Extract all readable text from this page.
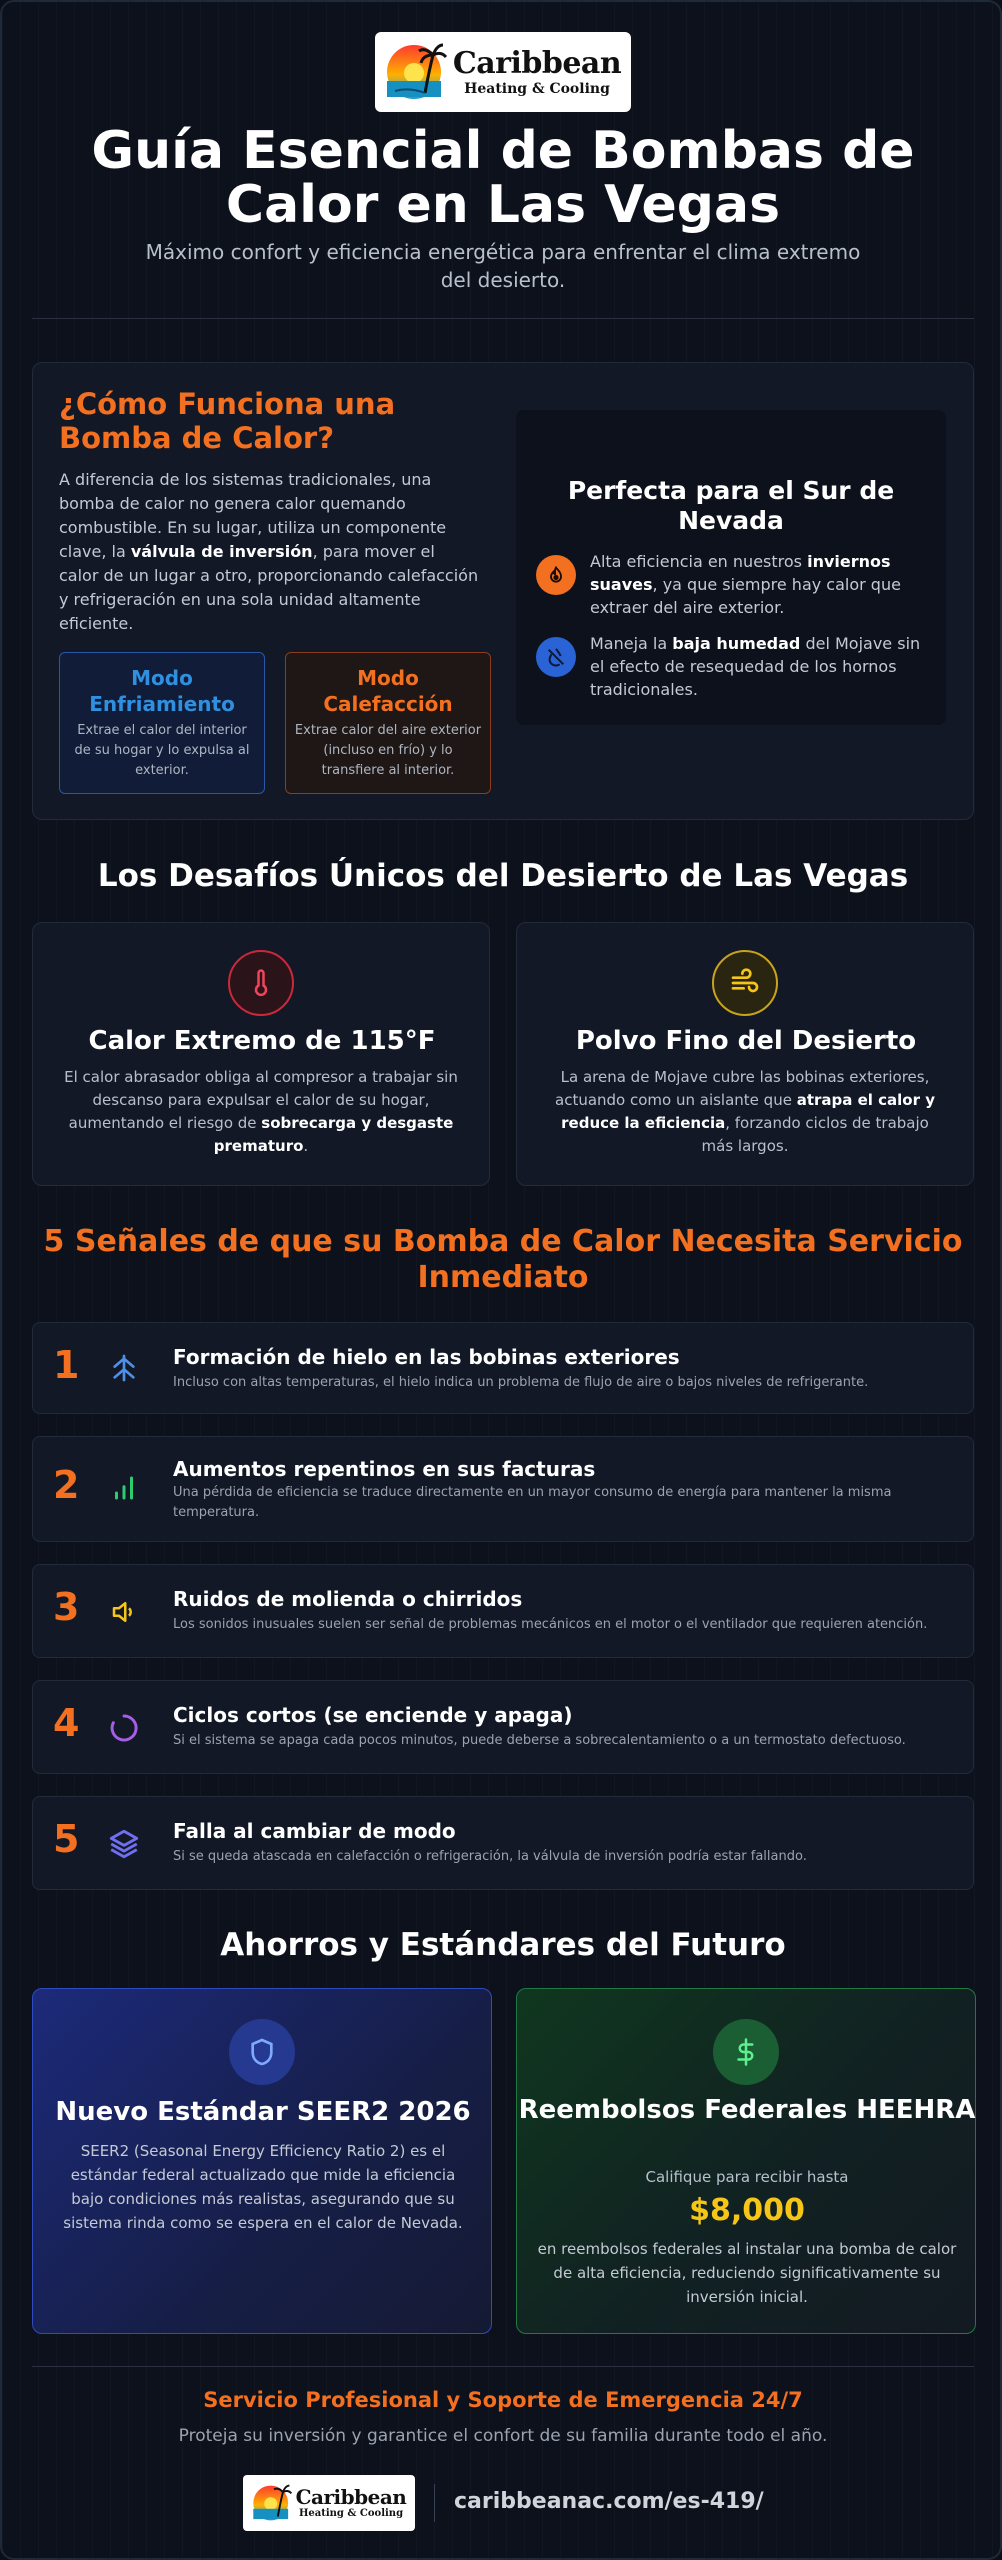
Caribbean
Heating & Cooling
Guía Esencial de Bombas de Calor en Las Vegas
Máximo confort y eficiencia energética para enfrentar el clima extremo del desierto.
¿Cómo Funciona una Bomba de Calor?
A diferencia de los sistemas tradicionales, una bomba de calor no genera calor quemando combustible. En su lugar, utiliza un componente clave, la válvula de inversión, para mover el calor de un lugar a otro, proporcionando calefacción y refrigeración en una sola unidad altamente eficiente.
Modo Enfriamiento
Extrae el calor del interior de su hogar y lo expulsa al exterior.
Modo Calefacción
Extrae calor del aire exterior (incluso en frío) y lo transfiere al interior.
Perfecta para el Sur de Nevada
Alta eficiencia en nuestros inviernos suaves, ya que siempre hay calor que extraer del aire exterior.
Maneja la baja humedad del Mojave sin el efecto de resequedad de los hornos tradicionales.
Los Desafíos Únicos del Desierto de Las Vegas
Calor Extremo de 115°F
El calor abrasador obliga al compresor a trabajar sin descanso para expulsar el calor de su hogar, aumentando el riesgo de sobrecarga y desgaste prematuro.
Polvo Fino del Desierto
La arena de Mojave cubre las bobinas exteriores, actuando como un aislante que atrapa el calor y reduce la eficiencia, forzando ciclos de trabajo más largos.
5 Señales de que su Bomba de Calor Necesita Servicio Inmediato
1	Formación de hielo en las bobinas exteriores
Incluso con altas temperaturas, el hielo indica un problema de flujo de aire o bajos niveles de refrigerante.
2	Aumentos repentinos en sus facturas
Una pérdida de eficiencia se traduce directamente en un mayor consumo de energía para mantener la misma temperatura.
3	Ruidos de molienda o chirridos
Los sonidos inusuales suelen ser señal de problemas mecánicos en el motor o el ventilador que requieren atención.
4	Ciclos cortos (se enciende y apaga)
Si el sistema se apaga cada pocos minutos, puede deberse a sobrecalentamiento o a un termostato defectuoso.
5	Falla al cambiar de modo
Si se queda atascada en calefacción o refrigeración, la válvula de inversión podría estar fallando.
Ahorros y Estándares del Futuro
Nuevo Estándar SEER2 2026
SEER2 (Seasonal Energy Efficiency Ratio 2) es el estándar federal actualizado que mide la eficiencia bajo condiciones más realistas, asegurando que su sistema rinda como se espera en el calor de Nevada.
Reembolsos Federales HEEHRA
Califique para recibir hasta
$8,000
en reembolsos federales al instalar una bomba de calor de alta eficiencia, reduciendo significativamente su inversión inicial.
Servicio Profesional y Soporte de Emergencia 24/7
Proteja su inversión y garantice el confort de su familia durante todo el año.
Caribbean
Heating & Cooling caribbeanac.com/es-419/
